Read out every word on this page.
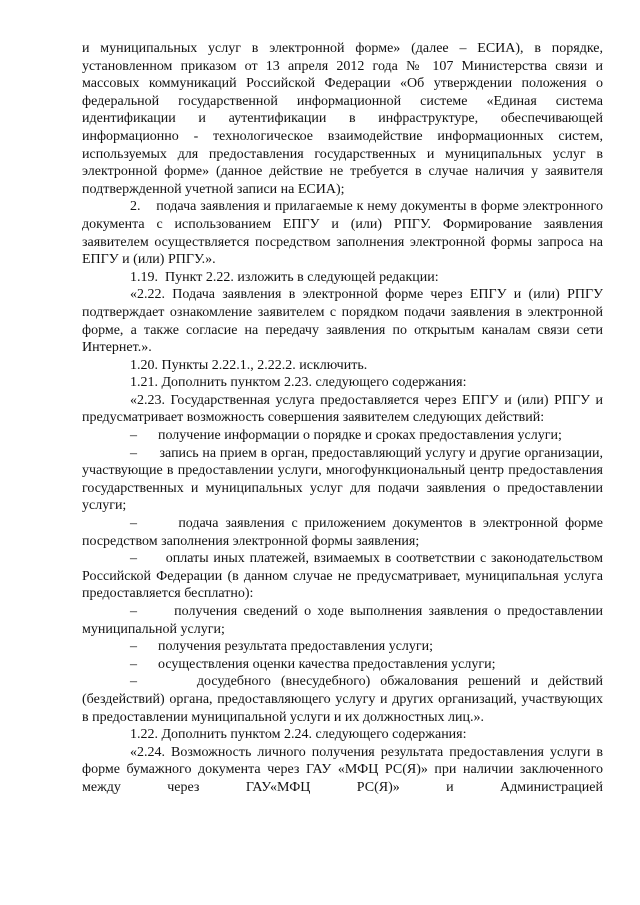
и муниципальных услуг в электронной форме» (далее – ЕСИА), в порядке, установленном приказом от 13 апреля 2012 года № 107 Министерства связи и массовых коммуникаций Российской Федерации «Об утверждении положения о федеральной государственной информационной системе «Единая система идентификации и аутентификации в инфраструктуре, обеспечивающей информационно - технологическое взаимодействие информационных систем, используемых для предоставления государственных и муниципальных услуг в электронной форме» (данное действие не требуется в случае наличия у заявителя подтвержденной учетной записи на ЕСИА);

2.    подача заявления и прилагаемые к нему документы в форме электронного документа с использованием ЕПГУ и (или) РПГУ. Формирование заявления заявителем осуществляется посредством заполнения электронной формы запроса на ЕПГУ и (или) РПГУ.».

1.19.  Пункт 2.22. изложить в следующей редакции:

«2.22. Подача заявления в электронной форме через ЕПГУ и (или) РПГУ подтверждает ознакомление заявителем с порядком подачи заявления в электронной форме, а также согласие на передачу заявления по открытым каналам связи сети Интернет.».

1.20. Пункты 2.22.1., 2.22.2. исключить.

1.21. Дополнить пунктом 2.23. следующего содержания:

«2.23. Государственная услуга предоставляется через ЕПГУ и (или) РПГУ и предусматривает возможность совершения заявителем следующих действий:

–      получение информации о порядке и сроках предоставления услуги;

–      запись на прием в орган, предоставляющий услугу и другие организации, участвующие в предоставлении услуги, многофункциональный центр предоставления государственных и муниципальных услуг для подачи заявления о предоставлении услуги;

–      подача заявления с приложением документов в электронной форме посредством заполнения электронной формы заявления;

–      оплаты иных платежей, взимаемых в соответствии с законодательством Российской Федерации (в данном случае не предусматривает, муниципальная услуга предоставляется бесплатно):

–      получения сведений о ходе выполнения заявления о предоставлении муниципальной услуги;

–      получения результата предоставления услуги;

–      осуществления оценки качества предоставления услуги;

–      досудебного (внесудебного) обжалования решений и действий (бездействий) органа, предоставляющего услугу и других организаций, участвующих в предоставлении муниципальной услуги и их должностных лиц.».

1.22. Дополнить пунктом 2.24. следующего содержания:

«2.24. Возможность личного получения результата предоставления услуги в форме бумажного документа через ГАУ «МФЦ РС(Я)» при наличии заключенного между через ГАУ«МФЦ РС(Я)» и Администрацией
